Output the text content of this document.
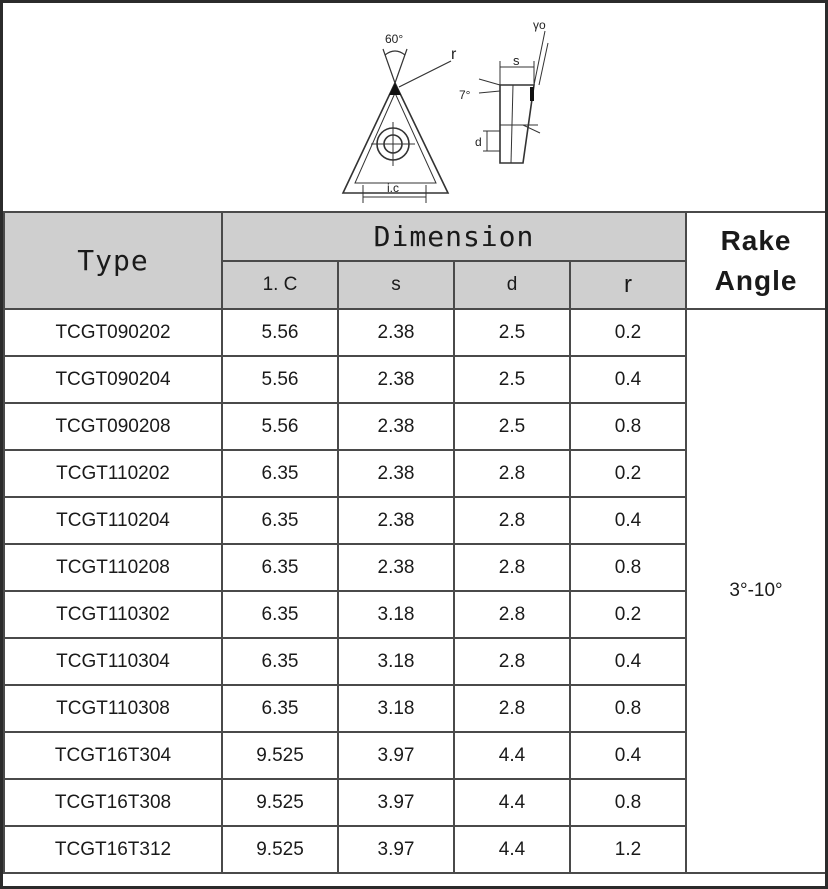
60°
r
i.c
γo
s
7°
d
Type	Dimension				Rake
Angle
	1. C	s	d	r	
TCGT090202	5.56	2.38	2.5	0.2	3°-10°
TCGT090204	5.56	2.38	2.5	0.4	
TCGT090208	5.56	2.38	2.5	0.8	
TCGT110202	6.35	2.38	2.8	0.2	
TCGT110204	6.35	2.38	2.8	0.4	
TCGT110208	6.35	2.38	2.8	0.8	
TCGT110302	6.35	3.18	2.8	0.2	
TCGT110304	6.35	3.18	2.8	0.4	
TCGT110308	6.35	3.18	2.8	0.8	
TCGT16T304	9.525	3.97	4.4	0.4	
TCGT16T308	9.525	3.97	4.4	0.8	
TCGT16T312	9.525	3.97	4.4	1.2	
